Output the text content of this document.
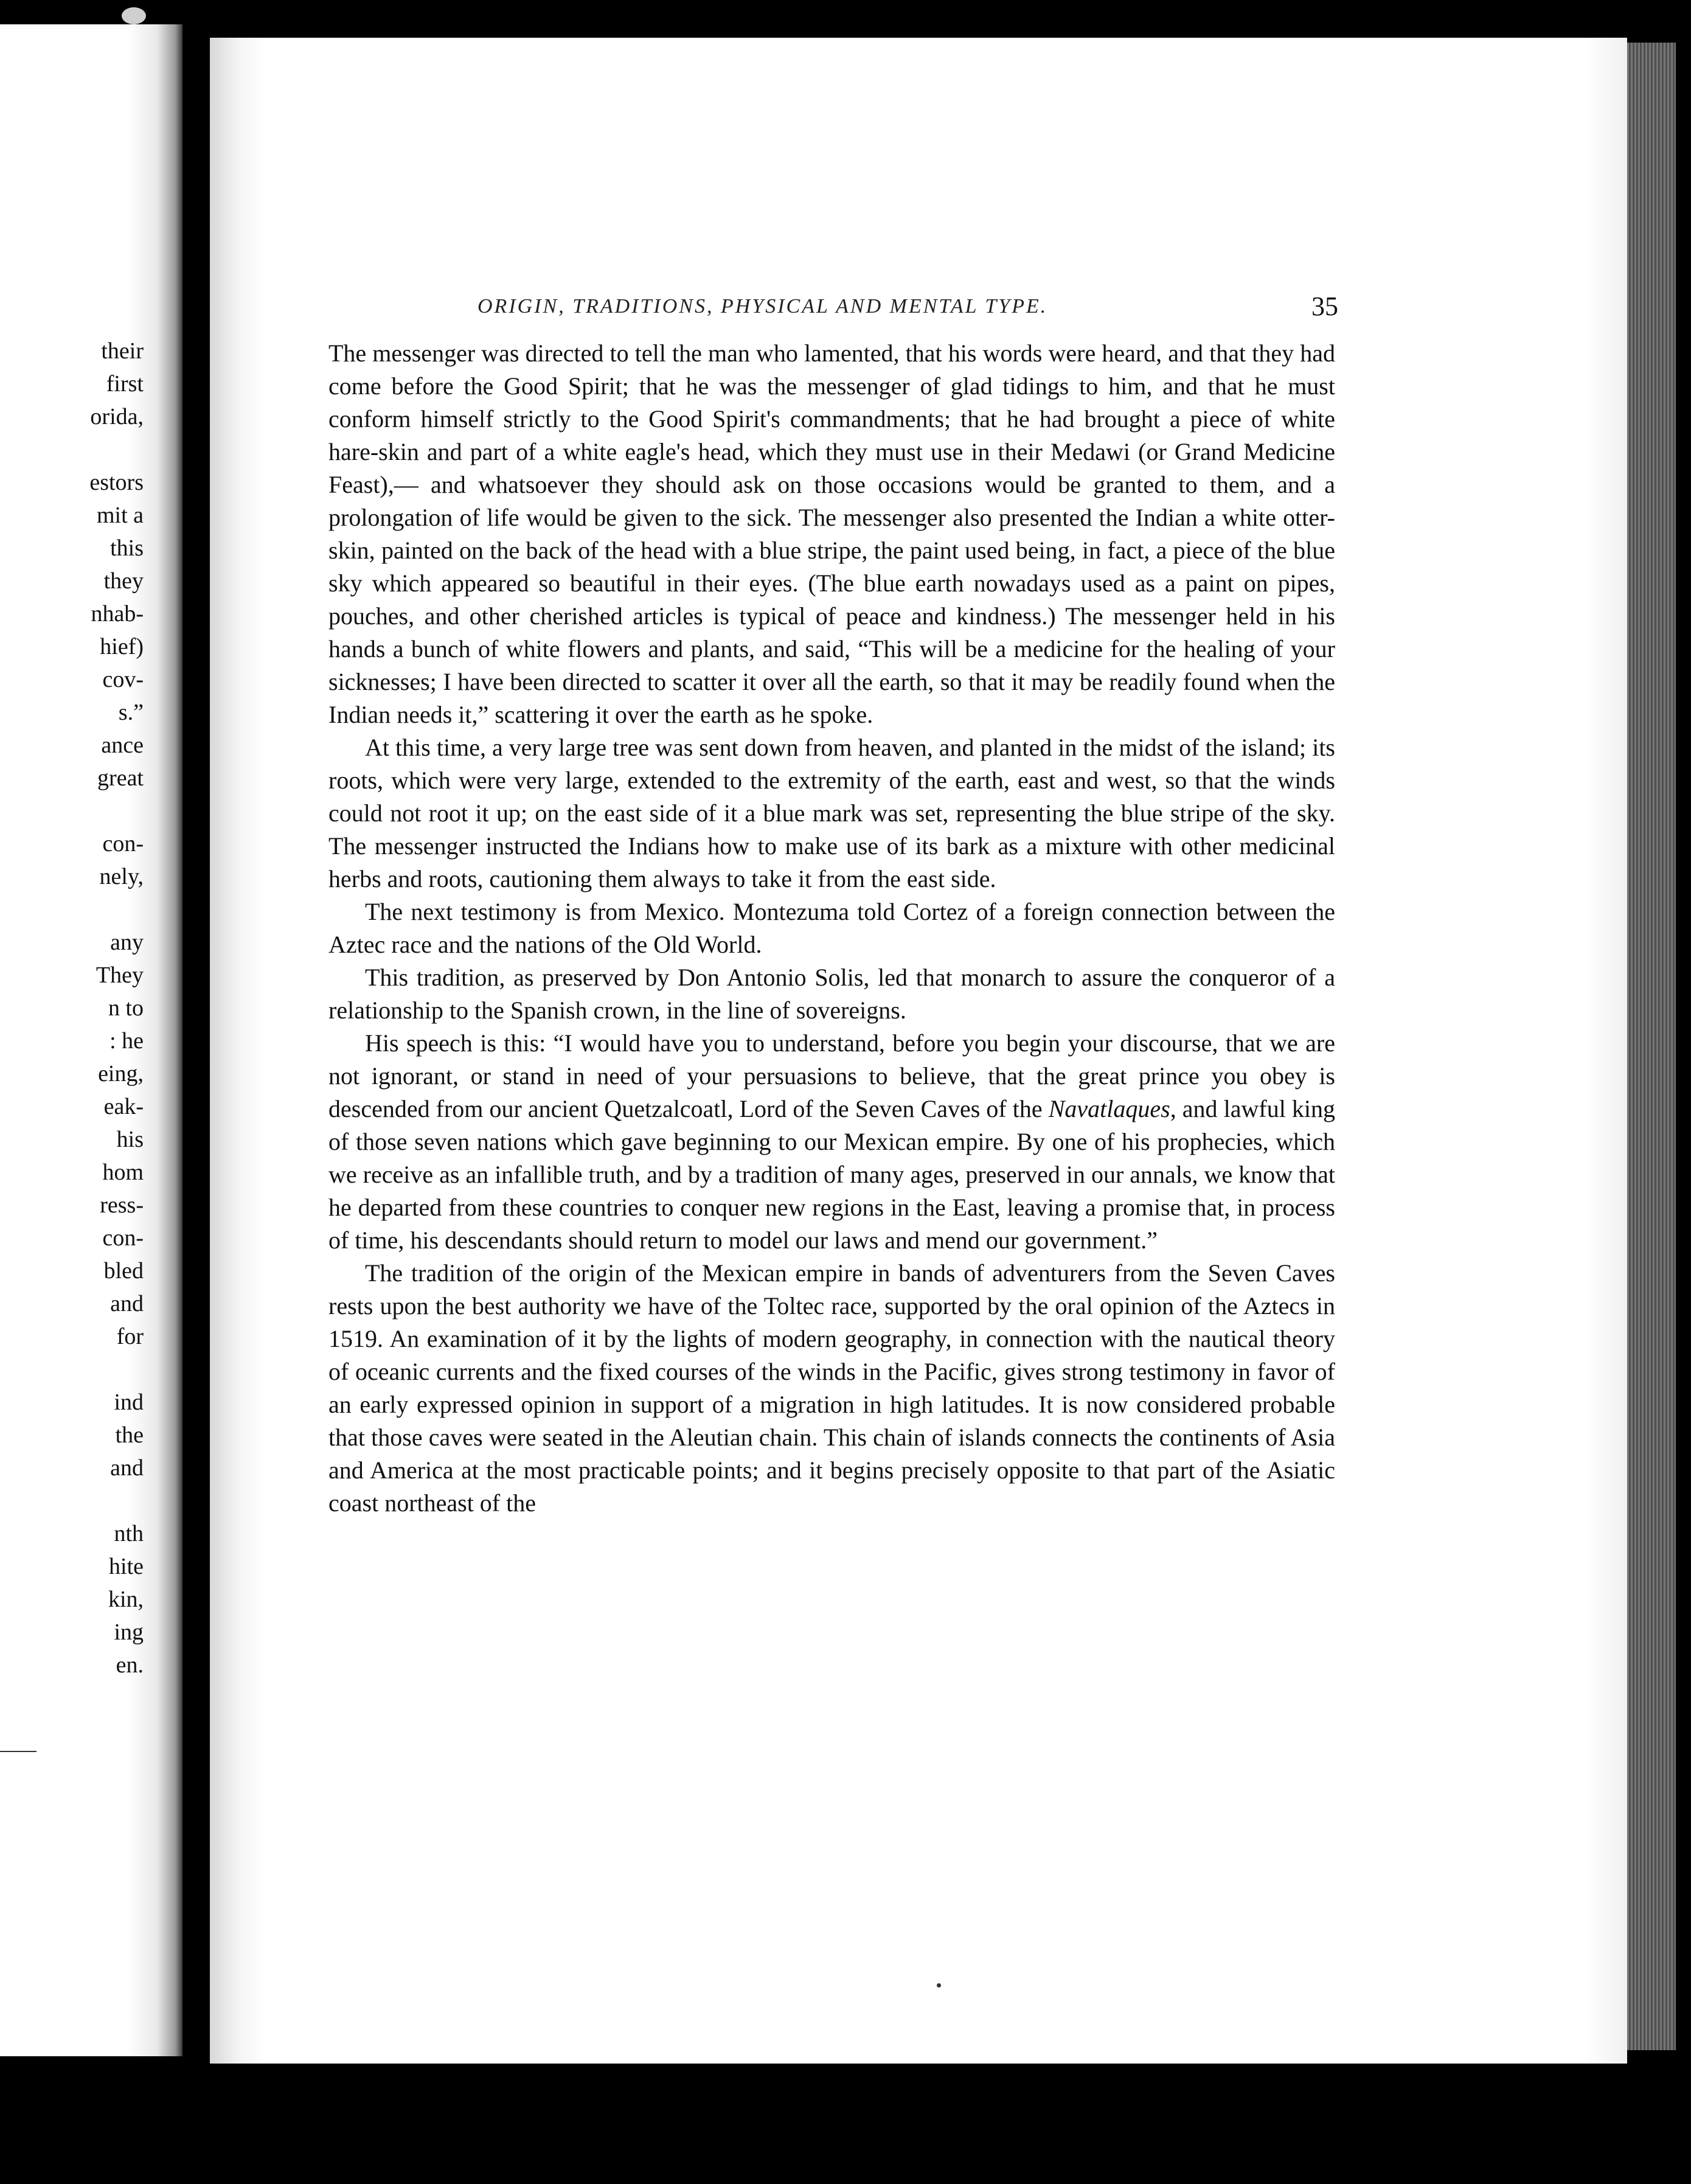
their
first
orida,
estors
mit a
this
they
nhab-
hief)
cov-
s.”
ance
great
con-
nely,
any
They
n to
: he
eing,
eak-
his
hom
ress-
con-
bled
and
for
ind
the
and
nth
hite
kin,
ing
en.
ORIGIN, TRADITIONS, PHYSICAL AND MENTAL TYPE.	35

The messenger was directed to tell the man who lamented, that his words were heard, and that they had come before the Good Spirit; that he was the messenger of glad tidings to him, and that he must conform himself strictly to the Good Spirit's commandments; that he had brought a piece of white hare-skin and part of a white eagle's head, which they must use in their Medawi (or Grand Medicine Feast),— and whatsoever they should ask on those occasions would be granted to them, and a prolongation of life would be given to the sick. The messenger also presented the Indian a white otter-skin, painted on the back of the head with a blue stripe, the paint used being, in fact, a piece of the blue sky which appeared so beautiful in their eyes. (The blue earth nowadays used as a paint on pipes, pouches, and other cherished articles is typical of peace and kindness.) The messenger held in his hands a bunch of white flowers and plants, and said, “This will be a medicine for the healing of your sicknesses; I have been directed to scatter it over all the earth, so that it may be readily found when the Indian needs it,” scattering it over the earth as he spoke.

At this time, a very large tree was sent down from heaven, and planted in the midst of the island; its roots, which were very large, extended to the extremity of the earth, east and west, so that the winds could not root it up; on the east side of it a blue mark was set, representing the blue stripe of the sky. The messenger instructed the Indians how to make use of its bark as a mixture with other medicinal herbs and roots, cautioning them always to take it from the east side.

The next testimony is from Mexico. Montezuma told Cortez of a foreign connection between the Aztec race and the nations of the Old World.

This tradition, as preserved by Don Antonio Solis, led that monarch to assure the conqueror of a relationship to the Spanish crown, in the line of sovereigns.

His speech is this: “I would have you to understand, before you begin your discourse, that we are not ignorant, or stand in need of your persuasions to believe, that the great prince you obey is descended from our ancient Quetzalcoatl, Lord of the Seven Caves of the Navatlaques, and lawful king of those seven nations which gave beginning to our Mexican empire. By one of his prophecies, which we receive as an infallible truth, and by a tradition of many ages, preserved in our annals, we know that he departed from these countries to conquer new regions in the East, leaving a promise that, in process of time, his descendants should return to model our laws and mend our government.”

The tradition of the origin of the Mexican empire in bands of adventurers from the Seven Caves rests upon the best authority we have of the Toltec race, supported by the oral opinion of the Aztecs in 1519. An examination of it by the lights of modern geography, in connection with the nautical theory of oceanic currents and the fixed courses of the winds in the Pacific, gives strong testimony in favor of an early expressed opinion in support of a migration in high latitudes. It is now considered probable that those caves were seated in the Aleutian chain. This chain of islands connects the continents of Asia and America at the most practicable points; and it begins precisely opposite to that part of the Asiatic coast northeast of the
